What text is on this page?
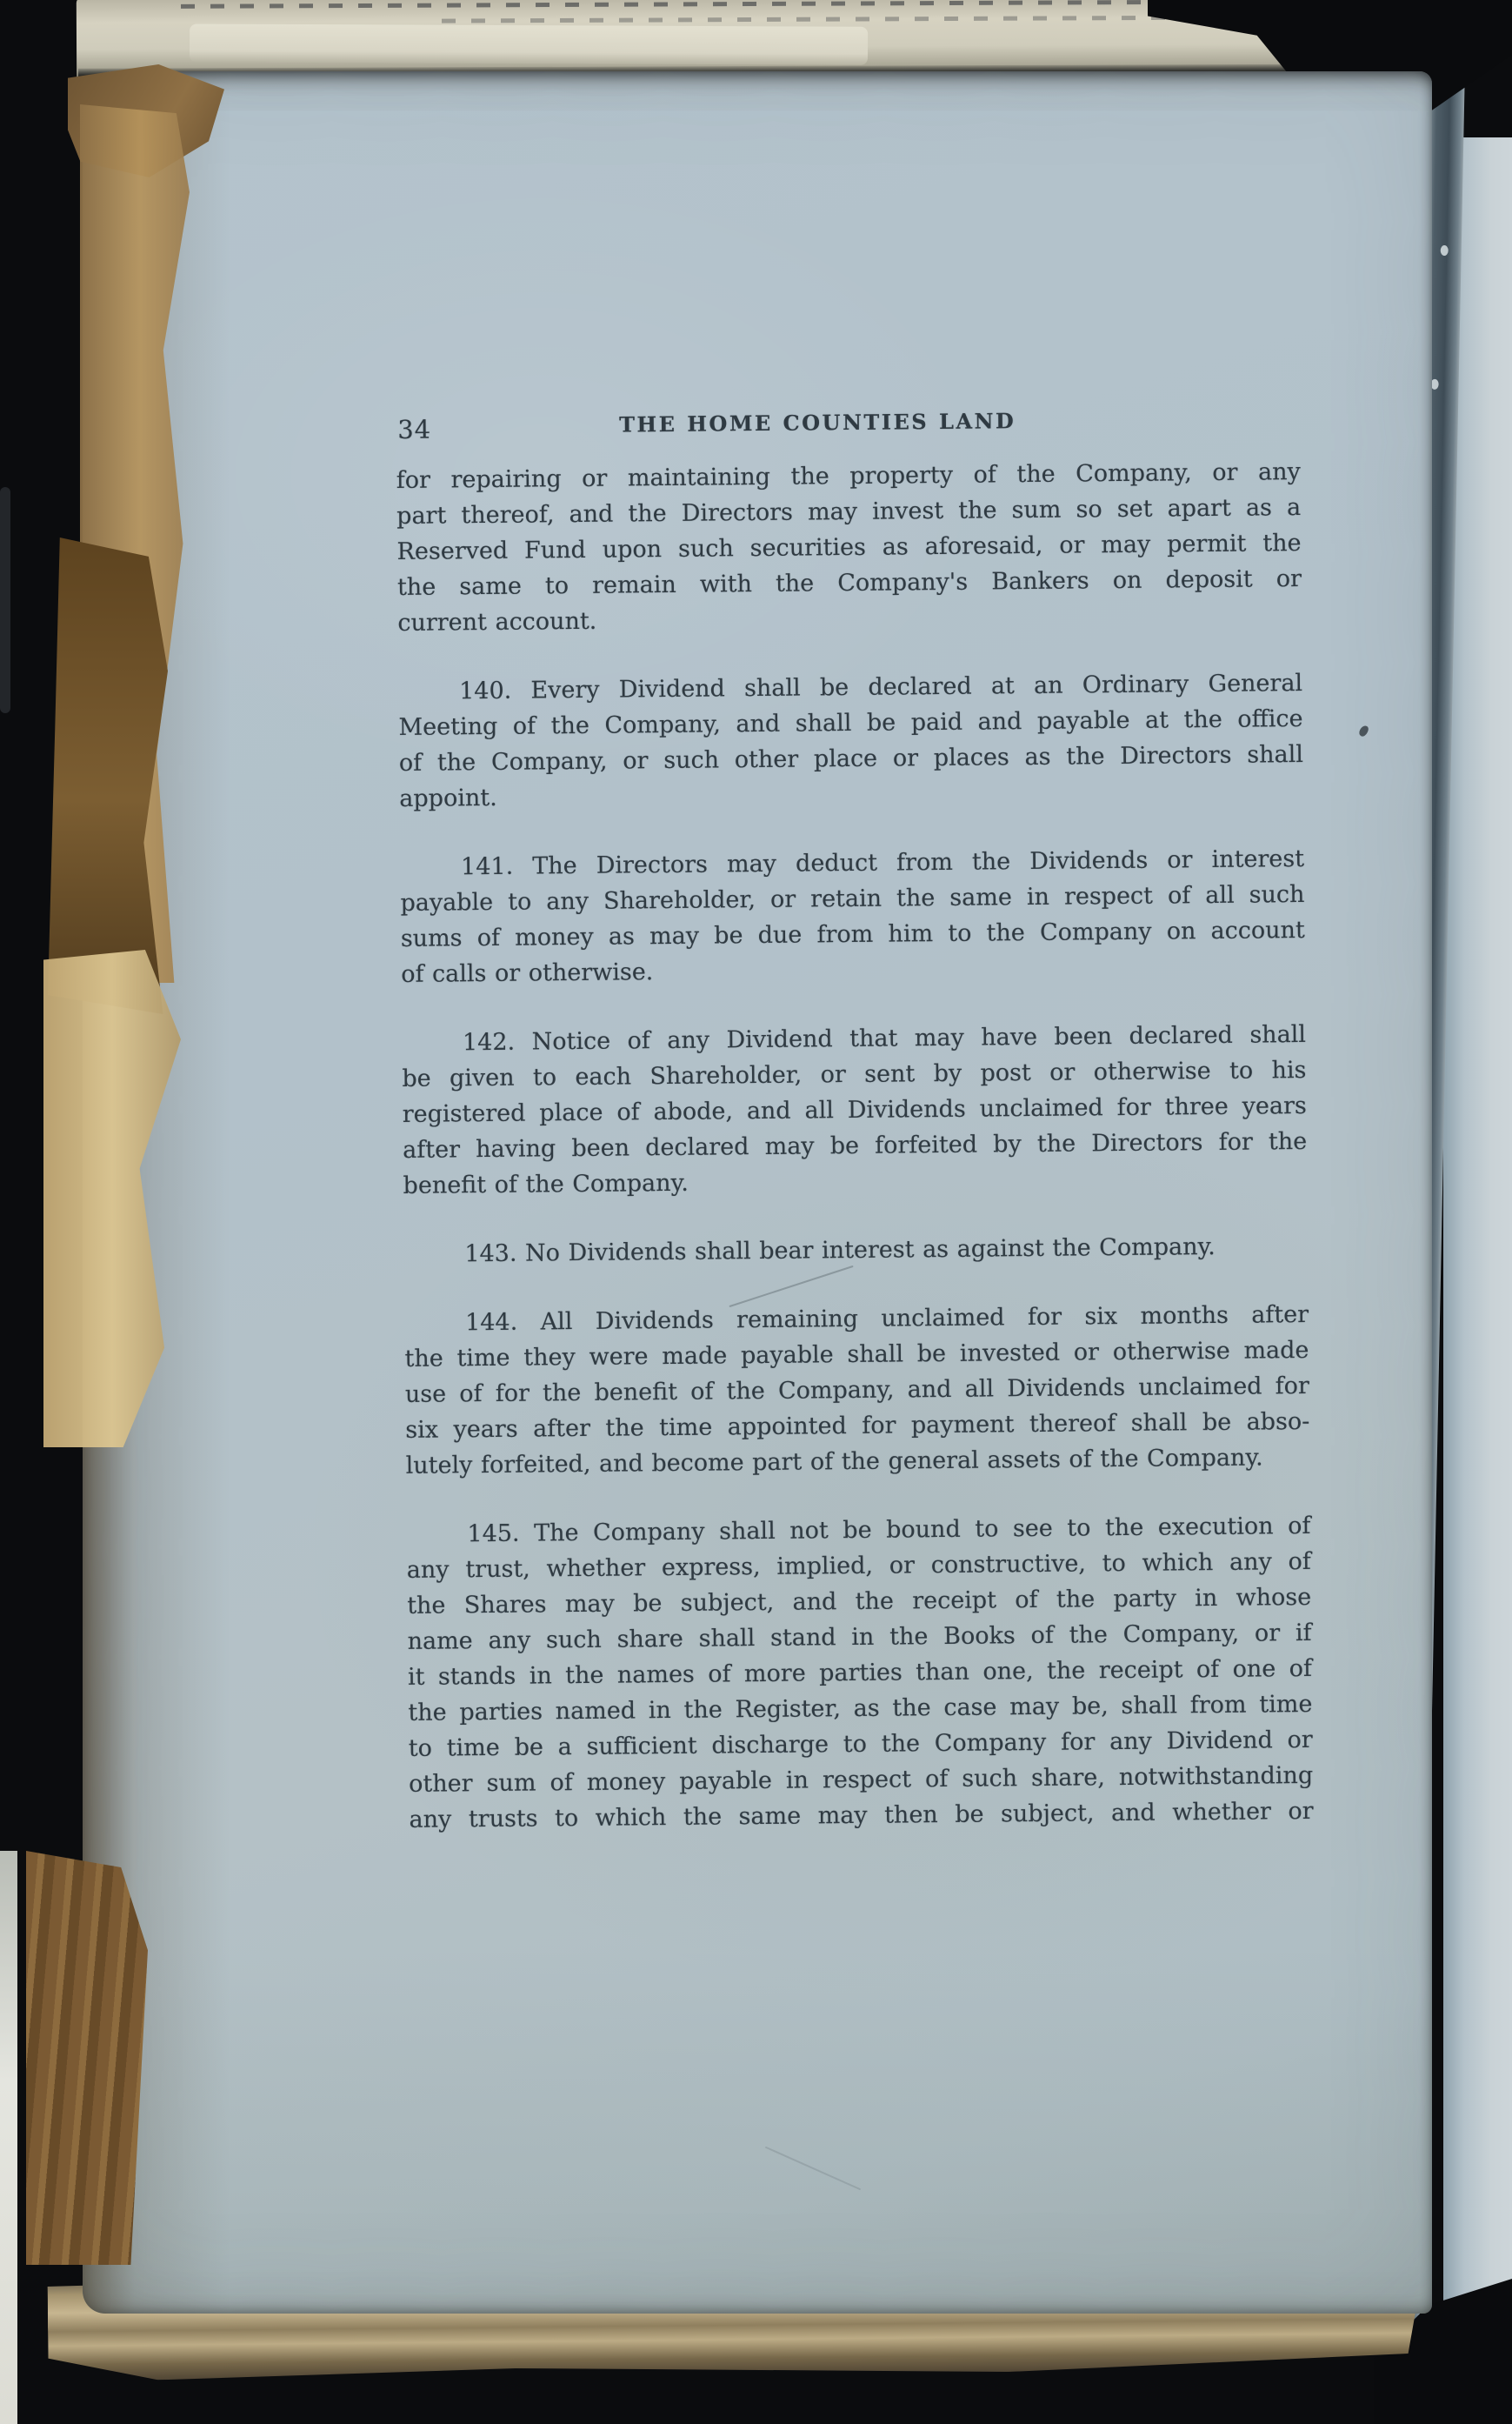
34	THE HOME COUNTIES LAND
for repairing or maintaining the property of the Company, or any
part thereof, and the Directors may invest the sum so set apart as a
Reserved Fund upon such securities as aforesaid, or may permit the
the same to remain with the Company's Bankers on deposit or
current account.
140. Every Dividend shall be declared at an Ordinary General
Meeting of the Company, and shall be paid and payable at the office
of the Company, or such other place or places as the Directors shall
appoint.
141. The Directors may deduct from the Dividends or interest
payable to any Shareholder, or retain the same in respect of all such
sums of money as may be due from him to the Company on account
of calls or otherwise.
142. Notice of any Dividend that may have been declared shall
be given to each Shareholder, or sent by post or otherwise to his
registered place of abode, and all Dividends unclaimed for three years
after having been declared may be forfeited by the Directors for the
benefit of the Company.
143. No Dividends shall bear interest as against the Company.
144. All Dividends remaining unclaimed for six months after
the time they were made payable shall be invested or otherwise made
use of for the benefit of the Company, and all Dividends unclaimed for
six years after the time appointed for payment thereof shall be abso-
lutely forfeited, and become part of the general assets of the Company.
145. The Company shall not be bound to see to the execution of
any trust, whether express, implied, or constructive, to which any of
the Shares may be subject, and the receipt of the party in whose
name any such share shall stand in the Books of the Company, or if
it stands in the names of more parties than one, the receipt of one of
the parties named in the Register, as the case may be, shall from time
to time be a sufficient discharge to the Company for any Dividend or
other sum of money payable in respect of such share, notwithstanding
any trusts to which the same may then be subject, and whether or
